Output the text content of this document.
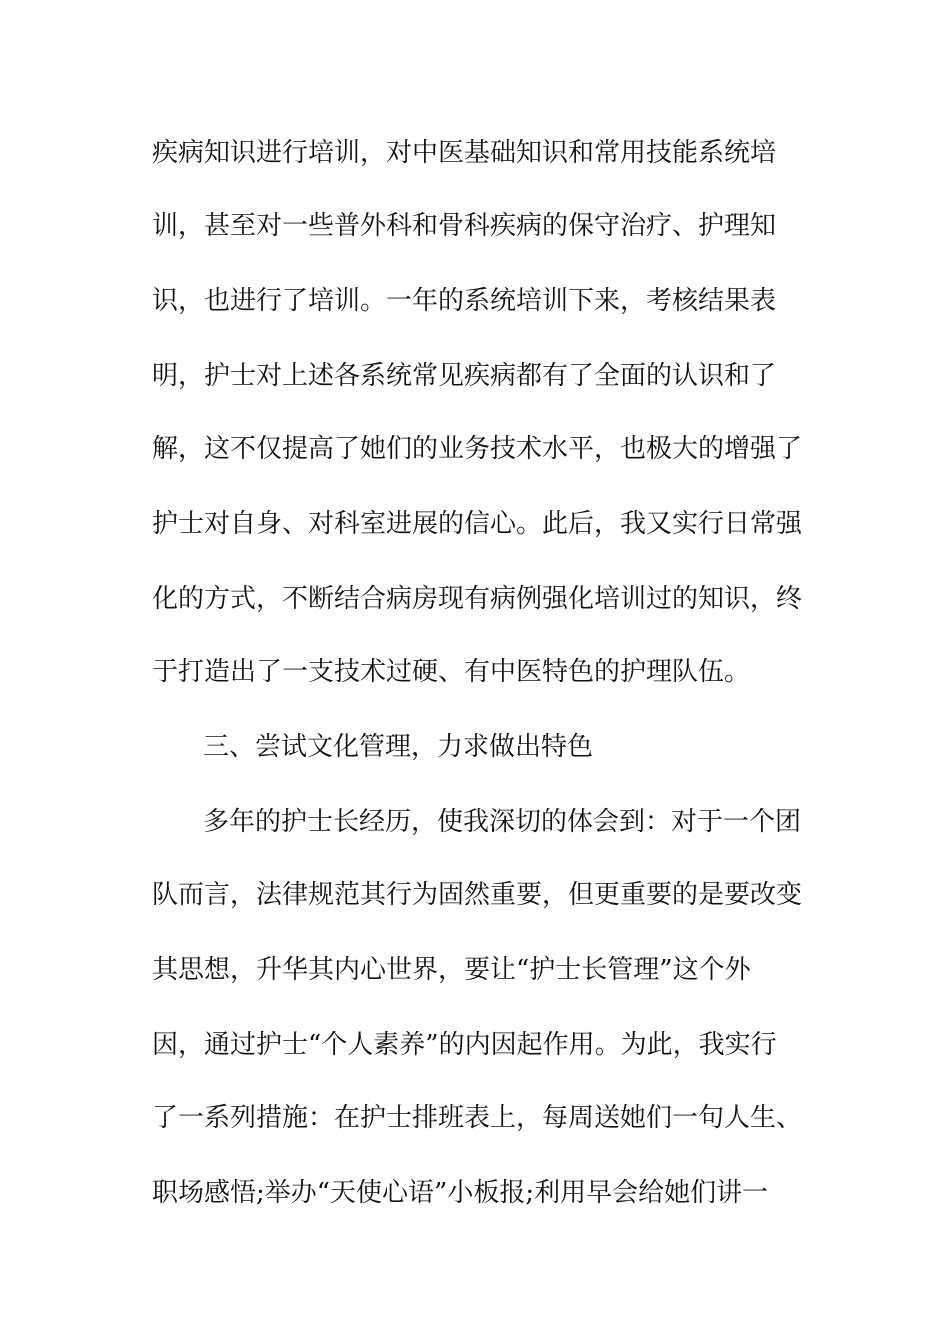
疾病知识进行培训，对中医基础知识和常用技能系统培
训，甚至对一些普外科和骨科疾病的保守治疗、护理知
识，也进行了培训。一年的系统培训下来，考核结果表
明，护士对上述各系统常见疾病都有了全面的认识和了
解，这不仅提高了她们的业务技术水平，也极大的增强了
护士对自身、对科室进展的信心。此后，我又实行日常强
化的方式，不断结合病房现有病例强化培训过的知识，终
于打造出了一支技术过硬、有中医特色的护理队伍。
三、尝试文化管理，力求做出特色
多年的护士长经历，使我深切的体会到：对于一个团
队而言，法律规范其行为固然重要，但更重要的是要改变
其思想，升华其内心世界，要让“护士长管理”这个外
因，通过护士“个人素养”的内因起作用。为此，我实行
了一系列措施：在护士排班表上，每周送她们一句人生、
职场感悟;举办“天使心语”小板报;利用早会给她们讲一
